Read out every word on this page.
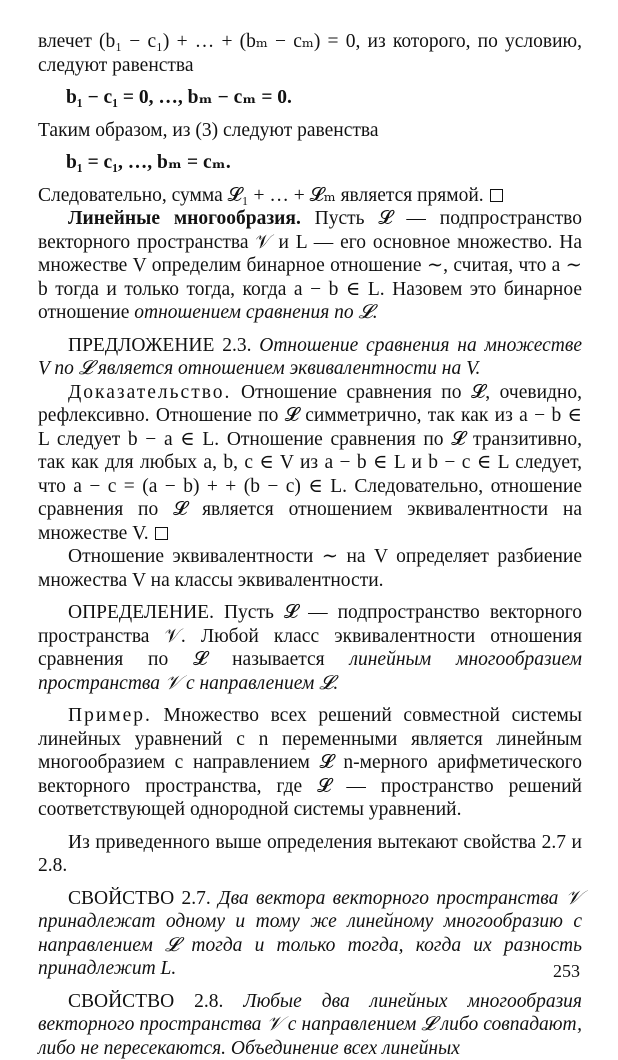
влечет (b₁ − c₁) + … + (bₘ − cₘ) = 0, из которого, по условию, следуют равенства

b₁ − c₁ = 0, …, bₘ − cₘ = 0.

Таким образом, из (3) следуют равенства

b₁ = c₁, …, bₘ = cₘ.

Следовательно, сумма 𝓛₁ + … + 𝓛ₘ является прямой.

Линейные многообразия. Пусть 𝓛 — подпространство векторного пространства 𝒱 и L — его основное множество. На множестве V определим бинарное отношение ∼, считая, что a ∼ b тогда и только тогда, когда a − b ∈ L. Назовем это бинарное отношение отношением сравнения по 𝓛.

ПРЕДЛОЖЕНИЕ 2.3. Отношение сравнения на множестве V по 𝓛 является отношением эквивалентности на V.

Доказательство. Отношение сравнения по 𝓛, очевидно, рефлексивно. Отношение по 𝓛 симметрично, так как из a − b ∈ L следует b − a ∈ L. Отношение сравнения по 𝓛 транзитивно, так как для любых a, b, c ∈ V из a − b ∈ L и b − c ∈ L следует, что a − c = (a − b) + + (b − c) ∈ L. Следовательно, отношение сравнения по 𝓛 является отношением эквивалентности на множестве V.

Отношение эквивалентности ∼ на V определяет разбиение множества V на классы эквивалентности.

ОПРЕДЕЛЕНИЕ. Пусть 𝓛 — подпространство векторного пространства 𝒱. Любой класс эквивалентности отношения сравнения по 𝓛 называется линейным многообразием пространства 𝒱 с направлением 𝓛.

Пример. Множество всех решений совместной системы линейных уравнений с n переменными является линейным многообразием с направлением 𝓛 n-мерного арифметического векторного пространства, где 𝓛 — пространство решений соответствующей однородной системы уравнений.

Из приведенного выше определения вытекают свойства 2.7 и 2.8.

СВОЙСТВО 2.7. Два вектора векторного пространства 𝒱 принадлежат одному и тому же линейному многообразию с направлением 𝓛 тогда и только тогда, когда их разность принадлежит L.

СВОЙСТВО 2.8. Любые два линейных многообразия векторного пространства 𝒱 с направлением 𝓛 либо совпадают, либо не пересекаются. Объединение всех линейных

253
